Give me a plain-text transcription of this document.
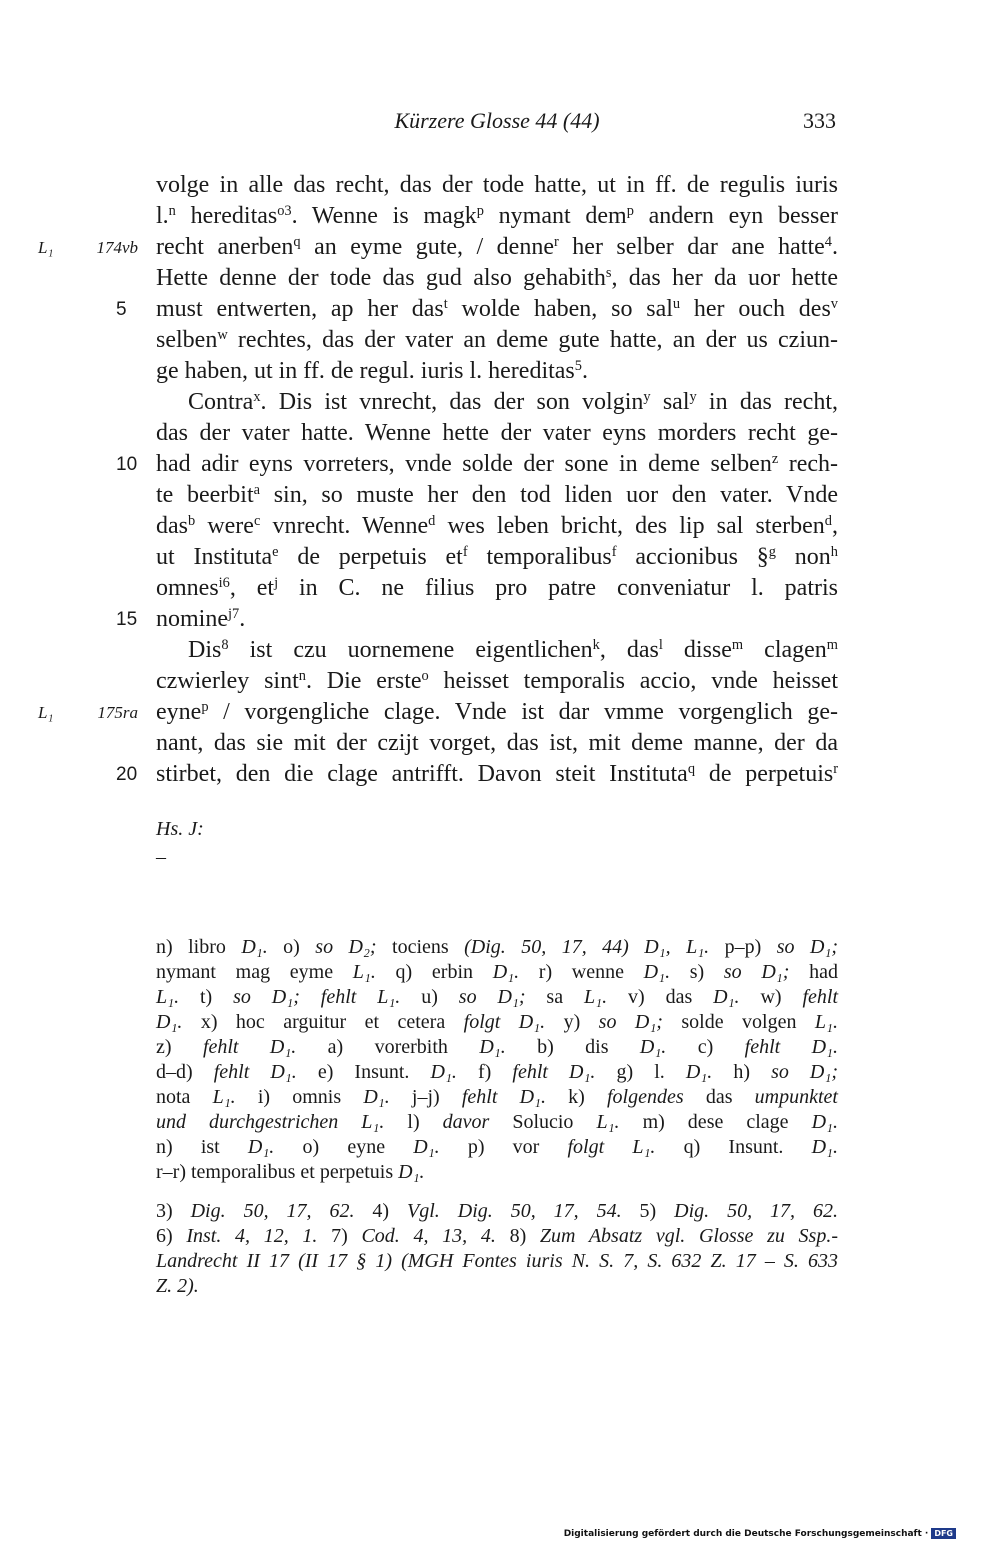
Kürzere Glosse 44 (44)	333
volge in alle das recht, das der tode hatte, ut in ff. de regulis iuris
l.$^n$ hereditas$^{o3}$. Wenne is magk$^p$ nymant dem$^p$ andern eyn besser
L₁ 174vb recht anerben$^q$ an eyme gute, / denne$^r$ her selber dar ane hatte$^4$.
Hette denne der tode das gud also gehabith$^s$, das her da uor hette
5	must entwerten, ap her das$^t$ wolde haben, so sal$^u$ her ouch des$^v$
selben$^w$ rechtes, das der vater an deme gute hatte, an der us cziun-
ge haben, ut in ff. de regul. iuris l. hereditas$^5$.
Contra$^x$. Dis ist vnrecht, das der son volgin$^y$ sal$^y$ in das recht,
das der vater hatte. Wenne hette der vater eyns morders recht ge-
10 had adir eyns vorreters, vnde solde der sone in deme selben$^z$ rech-
te beerbit$^a$ sin, so muste her den tod liden uor den vater. Vnde
das$^b$ were$^c$ vnrecht. Wenne$^d$ wes leben bricht, des lip sal sterben$^d$,
ut Instituta$^e$ de perpetuis $et^f$ temporalibus$^f$ accionibus §$^g$ non$^h$
omnes$^{i6}$, $et^j$ in C. ne filius pro patre conveniatur l. patris
15 nomine$^{j7}$.
Dis$^8$ ist czu uornemene eigentlichen$^k$, das$^l$ disse$^m$ clagen$^m$
czwierley sint$^n$. Die erste$^o$ heisset temporalis accio, vnde heisset
L₁ 175ra eyne$^p$ / vorgengliche clage. Vnde ist dar vmme vorgenglich ge-
nant, das sie mit der czijt vorget, das ist, mit deme manne, der da
20 stirbet, den die clage antrifft. Davon steit Instituta$^q$ de perpetuis$^r$
Hs. J:
–
n) libro D₁. o) so D₂; tociens (Dig. 50, 17, 44) D₁, L₁. p–p) so D₁;
nymant mag eyme L₁. q) erbin D₁. r) wenne D₁. s) so D₁; had
L₁. t) so D₁; fehlt L₁. u) so D₁; sa L₁. v) das D₁. w) fehlt
D₁. x) hoc arguitur et cetera folgt D₁. y) so D₁; solde volgen L₁.
z) fehlt D₁. a) vorerbith D₁. b) dis D₁. c) fehlt D₁.
d–d) fehlt D₁. e) Insunt. D₁. f) fehlt D₁. g) l. D₁. h) so D₁;
nota L₁. i) omnis D₁. j–j) fehlt D₁. k) folgendes das umpunktet
und durchgestrichen L₁. l) davor Solucio L₁. m) dese clage D₁.
n) ist D₁. o) eyne D₁. p) vor folgt L₁. q) Insunt. D₁.
r–r) temporalibus et perpetuis D₁.
3) Dig. 50, 17, 62. 4) Vgl. Dig. 50, 17, 54. 5) Dig. 50, 17, 62.
6) Inst. 4, 12, 1. 7) Cod. 4, 13, 4. 8) Zum Absatz vgl. Glosse zu Ssp.-
Landrecht II 17 (II 17 § 1) (MGH Fontes iuris N. S. 7, S. 632 Z. 17 – S. 633
Z. 2).
Digitalisierung gefördert durch die Deutsche Forschungsgemeinschaft · DFG
